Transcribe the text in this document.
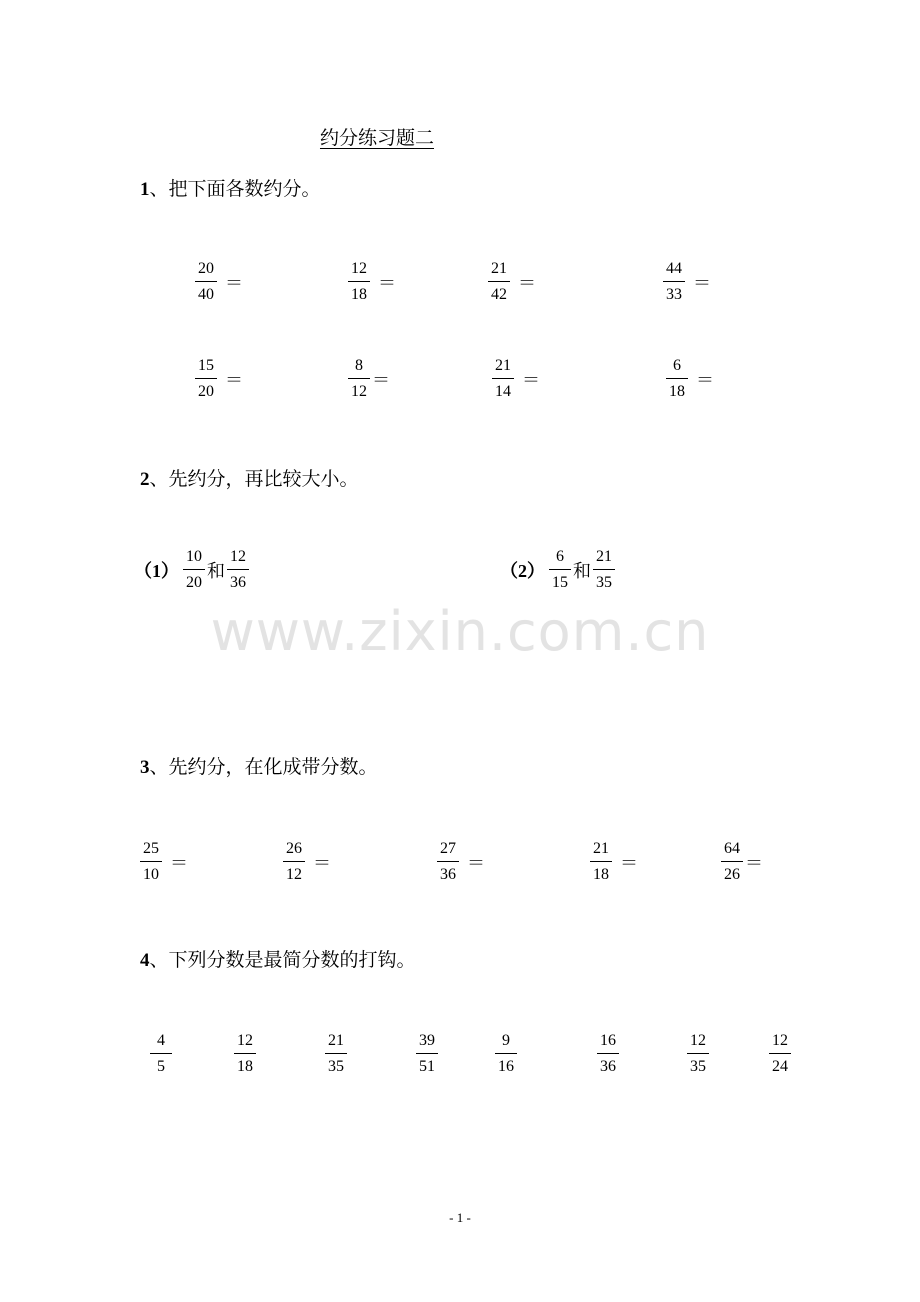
约分练习题二
1、把下面各数约分。
$\frac{20}{40}$ ＝	$\frac{12}{18}$ ＝	$\frac{21}{42}$ ＝	$\frac{44}{33}$ ＝
$\frac{15}{20}$ ＝	$\frac{8}{12}$ ＝	$\frac{21}{14}$ ＝	$\frac{6}{18}$ ＝
2、先约分，再比较大小。
$(1) \frac{10}{20}$ 和 $\frac{12}{36}$	$(2) \frac{6}{15}$ 和 $\frac{21}{35}$
www.zixin.com.cn
3、先约分，在化成带分数。
$\frac{25}{10}$ ＝	$\frac{26}{12}$ ＝	$\frac{27}{36}$ ＝	$\frac{21}{18}$ ＝	$\frac{64}{26}$ ＝
4、下列分数是最简分数的打钩。
$\frac{4}{5}$	$\frac{12}{18}$	$\frac{21}{35}$	$\frac{39}{51}$	$\frac{9}{16}$	$\frac{16}{36}$	$\frac{12}{35}$	$\frac{12}{24}$
- 1 -
